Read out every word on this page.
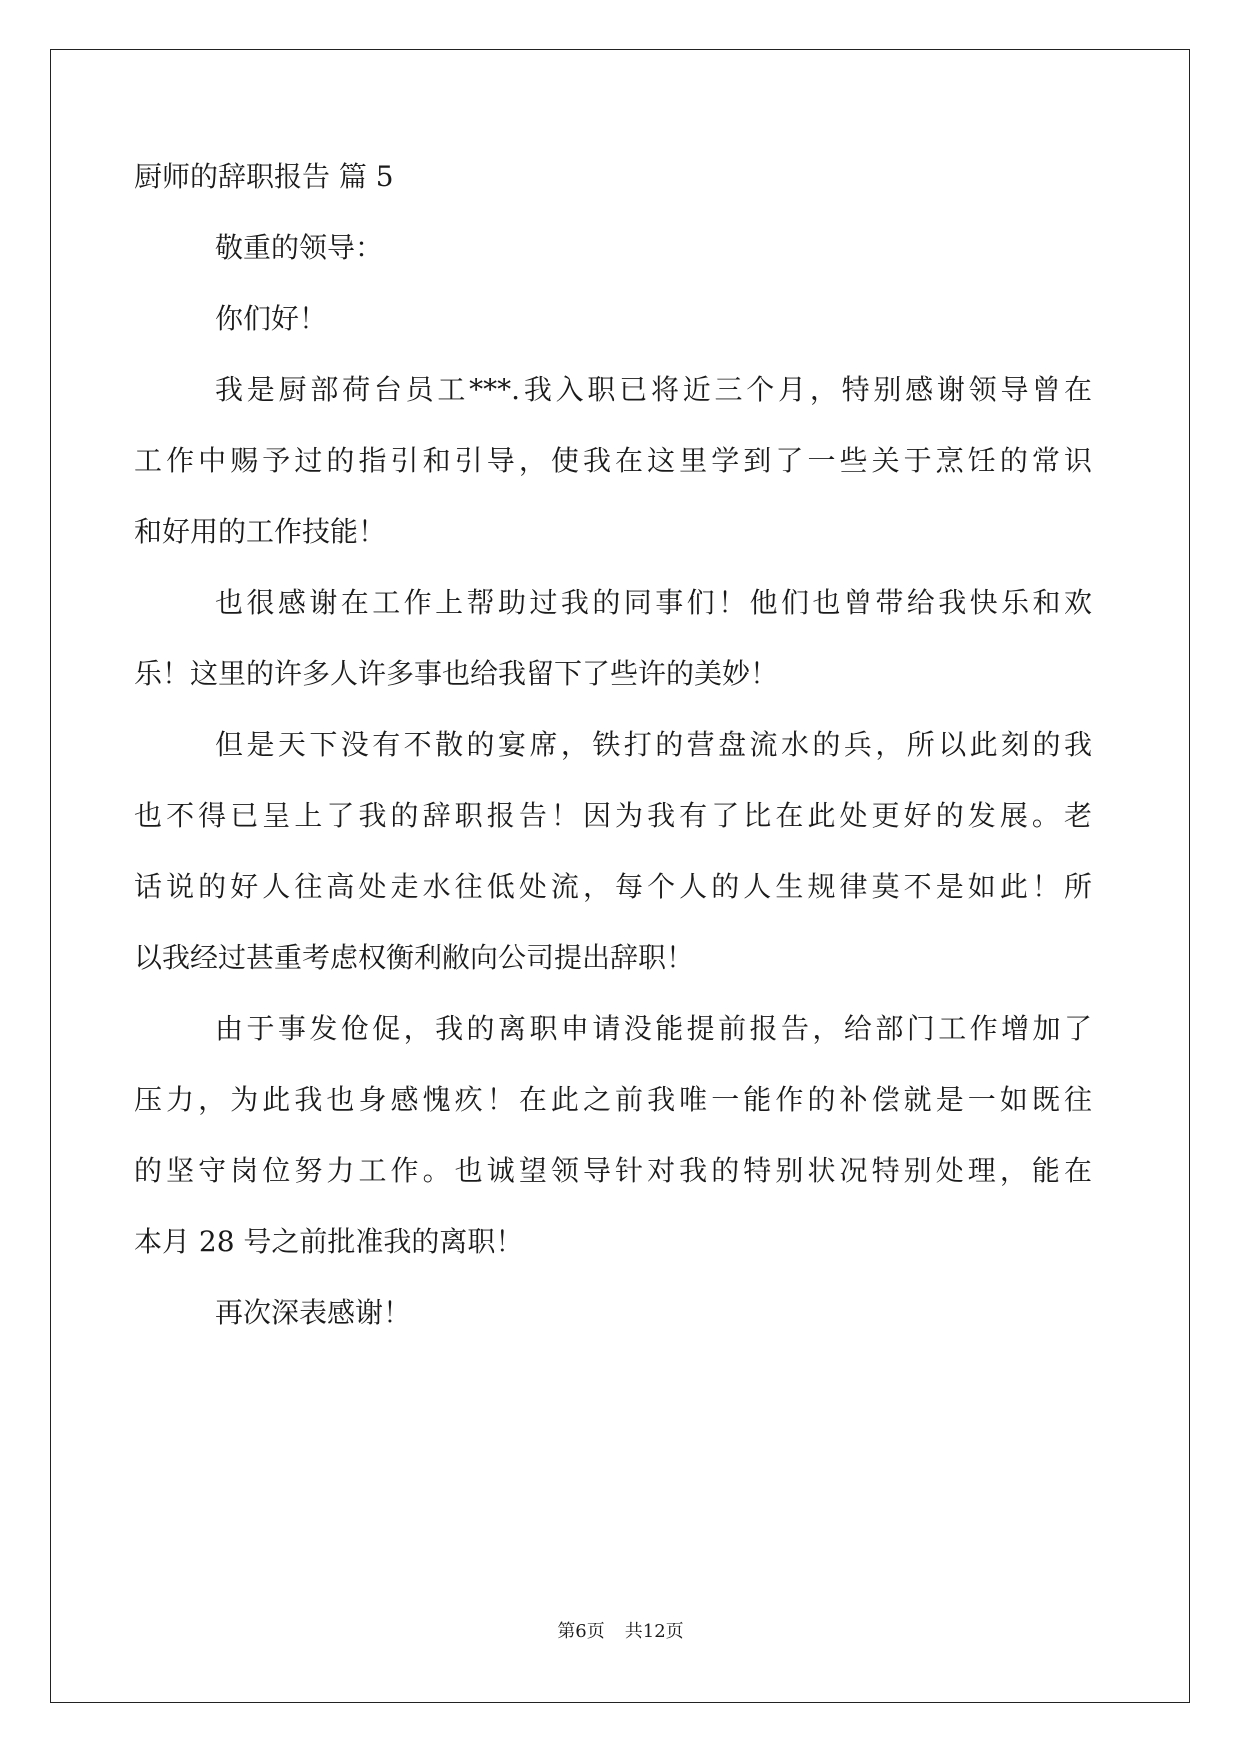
厨师的辞职报告 篇 5
敬重的领导：
你们好！
我是厨部荷台员工***.我入职已将近三个月，特别感谢领导曾在
工作中赐予过的指引和引导，使我在这里学到了一些关于烹饪的常识
和好用的工作技能！
也很感谢在工作上帮助过我的同事们！他们也曾带给我快乐和欢
乐！这里的许多人许多事也给我留下了些许的美妙！
但是天下没有不散的宴席，铁打的营盘流水的兵，所以此刻的我
也不得已呈上了我的辞职报告！因为我有了比在此处更好的发展。老
话说的好人往高处走水往低处流，每个人的人生规律莫不是如此！所
以我经过甚重考虑权衡利敝向公司提出辞职！
由于事发伧促，我的离职申请没能提前报告，给部门工作增加了
压力，为此我也身感愧疚！在此之前我唯一能作的补偿就是一如既往
的坚守岗位努力工作。也诚望领导针对我的特别状况特别处理，能在
本月 28 号之前批准我的离职！
再次深表感谢！
第6页 共12页
